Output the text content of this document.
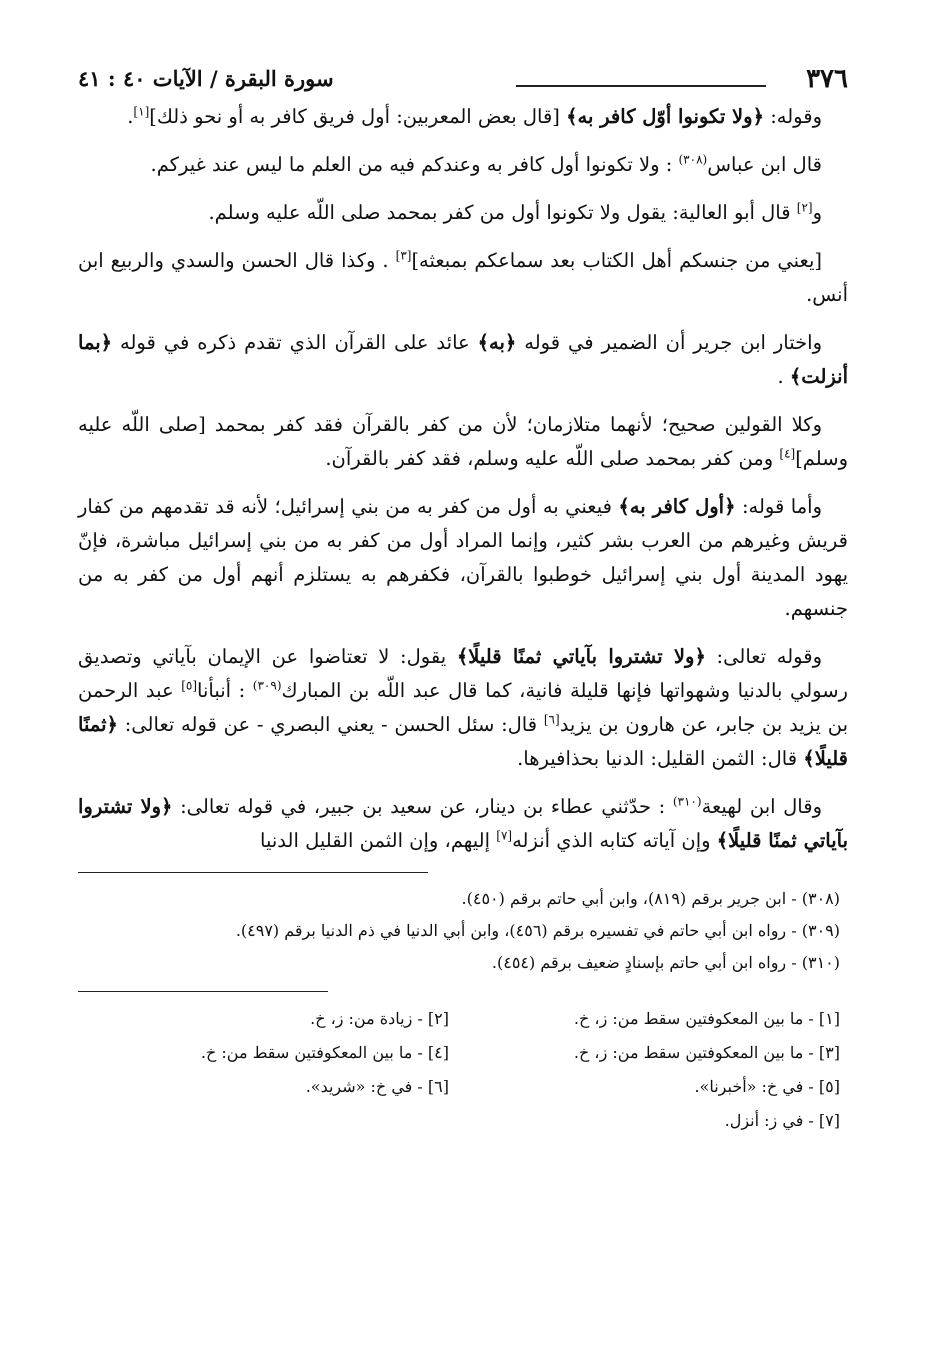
٣٧٦
سورة البقرة / الآيات ٤٠ : ٤١

وقوله: ﴿ولا تكونوا أوّل كافر به﴾ [قال بعض المعربين: أول فريق كافر به أو نحو ذلك][١].

قال ابن عباس$^{(٣٠٨)}$ : ولا تكونوا أول كافر به وعندكم فيه من العلم ما ليس عند غيركم.

و[٢] قال أبو العالية: يقول ولا تكونوا أول من كفر بمحمد صلى اللّه عليه وسلم.

[يعني من جنسكم أهل الكتاب بعد سماعكم بمبعثه][٣] . وكذا قال الحسن والسدي والربيع ابن أنس.

واختار ابن جرير أن الضمير في قوله ﴿به﴾ عائد على القرآن الذي تقدم ذكره في قوله ﴿بما أنزلت﴾ .

وكلا القولين صحيح؛ لأنهما متلازمان؛ لأن من كفر بالقرآن فقد كفر بمحمد [صلى اللّه عليه وسلم][٤] ومن كفر بمحمد صلى اللّه عليه وسلم، فقد كفر بالقرآن.

وأما قوله: ﴿أول كافر به﴾ فيعني به أول من كفر به من بني إسرائيل؛ لأنه قد تقدمهم من كفار قريش وغيرهم من العرب بشر كثير، وإنما المراد أول من كفر به من بني إسرائيل مباشرة، فإنّ يهود المدينة أول بني إسرائيل خوطبوا بالقرآن، فكفرهم به يستلزم أنهم أول من كفر به من جنسهم.

وقوله تعالى: ﴿ولا تشتروا بآياتي ثمنًا قليلًا﴾ يقول: لا تعتاضوا عن الإيمان بآياتي وتصديق رسولي بالدنيا وشهواتها فإنها قليلة فانية، كما قال عبد اللّه بن المبارك$^{(٣٠٩)}$ : أنبأنا[٥] عبد الرحمن بن يزيد بن جابر، عن هارون بن يزيد[٦] قال: سئل الحسن - يعني البصري - عن قوله تعالى: ﴿ثمنًا قليلًا﴾ قال: الثمن القليل: الدنيا بحذافيرها.

وقال ابن لهيعة$^{(٣١٠)}$ : حدّثني عطاء بن دينار، عن سعيد بن جبير، في قوله تعالى: ﴿ولا تشتروا بآياتي ثمنًا قليلًا﴾ وإن آياته كتابه الذي أنزله[٧] إليهم، وإن الثمن القليل الدنيا

(٣٠٨) - ابن جرير برقم (٨١٩)، وابن أبي حاتم برقم (٤٥٠).

(٣٠٩) - رواه ابن أبي حاتم في تفسيره برقم (٤٥٦)، وابن أبي الدنيا في ذم الدنيا برقم (٤٩٧).

(٣١٠) - رواه ابن أبي حاتم بإسنادٍ ضعيف برقم (٤٥٤).

[١] - ما بين المعكوفتين سقط من: ز، خ.
[٢] - زيادة من: ز، خ.
[٣] - ما بين المعكوفتين سقط من: ز، خ.
[٤] - ما بين المعكوفتين سقط من: خ.
[٥] - في خ: «أخبرنا».
[٦] - في خ: «شريد».
[٧] - في ز: أنزل.
